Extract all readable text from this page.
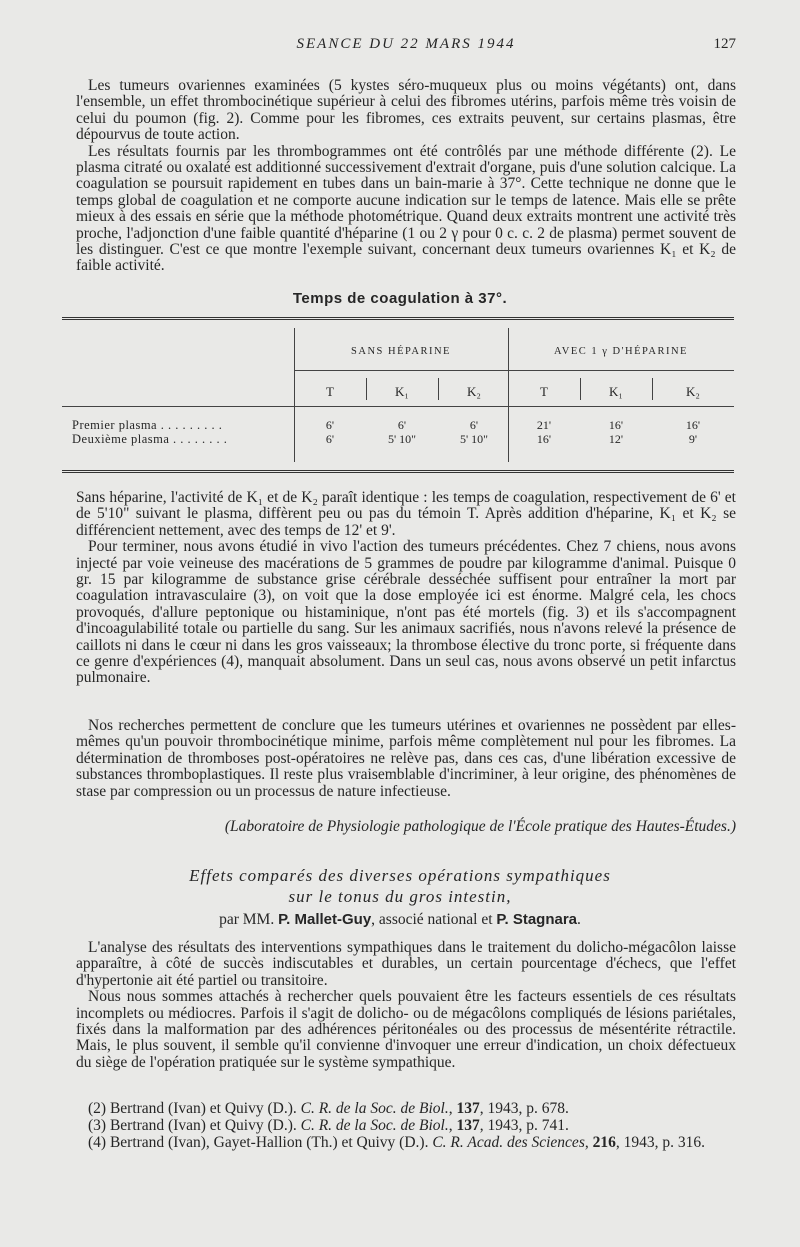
SEANCE DU 22 MARS 1944	127

Les tumeurs ovariennes examinées (5 kystes séro-muqueux plus ou moins végétants) ont, dans l'ensemble, un effet thrombocinétique supérieur à celui des fibromes utérins, parfois même très voisin de celui du poumon (fig. 2). Comme pour les fibromes, ces extraits peuvent, sur certains plasmas, être dépourvus de toute action.

Les résultats fournis par les thrombogrammes ont été contrôlés par une méthode différente (2). Le plasma citraté ou oxalaté est additionné successivement d'extrait d'organe, puis d'une solution calcique. La coagulation se poursuit rapidement en tubes dans un bain-marie à 37°. Cette technique ne donne que le temps global de coagulation et ne comporte aucune indication sur le temps de latence. Mais elle se prête mieux à des essais en série que la méthode photométrique. Quand deux extraits montrent une activité très proche, l'adjonction d'une faible quantité d'héparine (1 ou 2 γ pour 0 c. c. 2 de plasma) permet souvent de les distinguer. C'est ce que montre l'exemple suivant, concernant deux tumeurs ovariennes K₁ et K₂ de faible activité.

Temps de coagulation à 37°.
SANS HÉPARINE	AVEC 1 γ D'HÉPARINE
T	K₁	K₂	T	K₁	K₂
Premier plasma . . . . . . . . .	6'	6'	6'	21'	16'	16'
Deuxième plasma . . . . . . . .	6'	5' 10"	5' 10"	16'	12'	9'

Sans héparine, l'activité de K₁ et de K₂ paraît identique : les temps de coagulation, respectivement de 6' et de 5'10" suivant le plasma, diffèrent peu ou pas du témoin T. Après addition d'héparine, K₁ et K₂ se différencient nettement, avec des temps de 12' et 9'.

Pour terminer, nous avons étudié in vivo l'action des tumeurs précédentes. Chez 7 chiens, nous avons injecté par voie veineuse des macérations de 5 grammes de poudre par kilogramme d'animal. Puisque 0 gr. 15 par kilogramme de substance grise cérébrale desséchée suffisent pour entraîner la mort par coagulation intravasculaire (3), on voit que la dose employée ici est énorme. Malgré cela, les chocs provoqués, d'allure peptonique ou histaminique, n'ont pas été mortels (fig. 3) et ils s'accompagnent d'incoagulabilité totale ou partielle du sang. Sur les animaux sacrifiés, nous n'avons relevé la présence de caillots ni dans le cœur ni dans les gros vaisseaux; la thrombose élective du tronc porte, si fréquente dans ce genre d'expériences (4), manquait absolument. Dans un seul cas, nous avons observé un petit infarctus pulmonaire.

Nos recherches permettent de conclure que les tumeurs utérines et ovariennes ne possèdent par elles-mêmes qu'un pouvoir thrombocinétique minime, parfois même complètement nul pour les fibromes. La détermination de thromboses post-opératoires ne relève pas, dans ces cas, d'une libération excessive de substances thromboplastiques. Il reste plus vraisemblable d'incriminer, à leur origine, des phénomènes de stase par compression ou un processus de nature infectieuse.

(Laboratoire de Physiologie pathologique de l'École pratique des Hautes-Études.)
Effets comparés des diverses opérations sympathiques
sur le tonus du gros intestin,
par MM. P. Mallet-Guy, associé national et P. Stagnara.

L'analyse des résultats des interventions sympathiques dans le traitement du dolicho-mégacôlon laisse apparaître, à côté de succès indiscutables et durables, un certain pourcentage d'échecs, que l'effet d'hypertonie ait été partiel ou transitoire.

Nous nous sommes attachés à rechercher quels pouvaient être les facteurs essentiels de ces résultats incomplets ou médiocres. Parfois il s'agit de dolicho- ou de mégacôlons compliqués de lésions pariétales, fixés dans la malformation par des adhérences péritonéales ou des processus de mésentérite rétractile. Mais, le plus souvent, il semble qu'il convienne d'invoquer une erreur d'indication, un choix défectueux du siège de l'opération pratiquée sur le système sympathique.

(2) Bertrand (Ivan) et Quivy (D.). C. R. de la Soc. de Biol., 137, 1943, p. 678.

(3) Bertrand (Ivan) et Quivy (D.). C. R. de la Soc. de Biol., 137, 1943, p. 741.

(4) Bertrand (Ivan), Gayet-Hallion (Th.) et Quivy (D.). C. R. Acad. des Sciences, 216, 1943, p. 316.
